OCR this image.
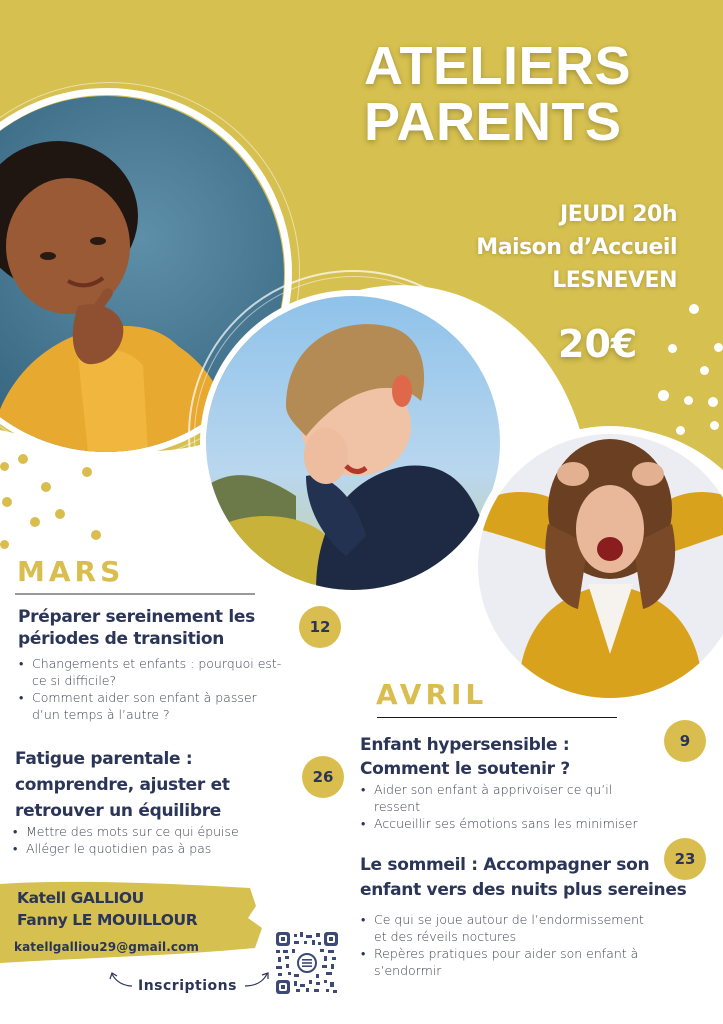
ATELIERS
PARENTS
JEUDI 20h
Maison d’Accueil
LESNEVEN
20€
MARS
Préparer sereinement les
périodes de transition
12
• Changements et enfants : pourquoi est-
ce si difficile?
• Comment aider son enfant à passer
d’un temps à l’autre ?
Fatigue parentale :
comprendre, ajuster et
retrouver un équilibre
26
• Mettre des mots sur ce qui épuise
• Alléger le quotidien pas à pas
AVRIL
Enfant hypersensible :
Comment le soutenir ?
9
• Aider son enfant à apprivoiser ce qu’il
ressent
• Accueillir ses émotions sans les minimiser
Le sommeil : Accompagner son
enfant vers des nuits plus sereines
23
• Ce qui se joue autour de l’endormissement
et des réveils noctures
• Repères pratiques pour aider son enfant à
s’endormir
Katell GALLIOU
Fanny LE MOUILLOUR
katellgalliou29@gmail.com
Inscriptions
